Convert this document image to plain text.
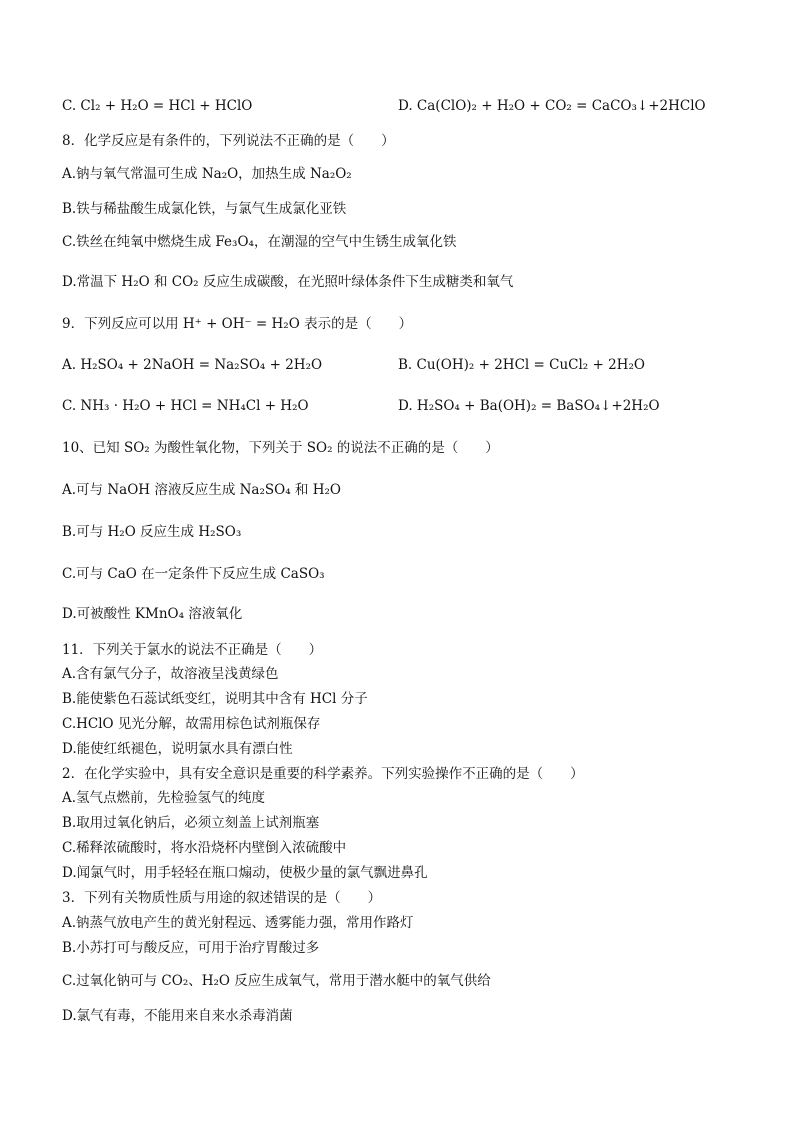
C. Cl₂ + H₂O = HCl + HClO	D. Ca(ClO)₂ + H₂O + CO₂ = CaCO₃↓+2HClO
8．化学反应是有条件的，下列说法不正确的是（　　）
A.钠与氧气常温可生成 Na₂O，加热生成 Na₂O₂
B.铁与稀盐酸生成氯化铁，与氯气生成氯化亚铁
C.铁丝在纯氧中燃烧生成 Fe₃O₄，在潮湿的空气中生锈生成氧化铁
D.常温下 H₂O 和 CO₂ 反应生成碳酸，在光照叶绿体条件下生成糖类和氧气
9．下列反应可以用 H⁺ + OH⁻ = H₂O 表示的是（　　）
A. H₂SO₄ + 2NaOH = Na₂SO₄ + 2H₂O	B. Cu(OH)₂ + 2HCl = CuCl₂ + 2H₂O
C. NH₃ · H₂O + HCl = NH₄Cl + H₂O	D. H₂SO₄ + Ba(OH)₂ = BaSO₄↓+2H₂O
10、已知 SO₂ 为酸性氧化物，下列关于 SO₂ 的说法不正确的是（　　）
A.可与 NaOH 溶液反应生成 Na₂SO₄ 和 H₂O
B.可与 H₂O 反应生成 H₂SO₃
C.可与 CaO 在一定条件下反应生成 CaSO₃
D.可被酸性 KMnO₄ 溶液氧化
11．下列关于氯水的说法不正确是（　　）
A.含有氯气分子，故溶液呈浅黄绿色
B.能使紫色石蕊试纸变红，说明其中含有 HCl 分子
C.HClO 见光分解，故需用棕色试剂瓶保存
D.能使红纸褪色，说明氯水具有漂白性
2．在化学实验中，具有安全意识是重要的科学素养。下列实验操作不正确的是（　　）
A.氢气点燃前，先检验氢气的纯度
B.取用过氧化钠后，必须立刻盖上试剂瓶塞
C.稀释浓硫酸时，将水沿烧杯内壁倒入浓硫酸中
D.闻氯气时，用手轻轻在瓶口煽动，使极少量的氯气飘进鼻孔
3．下列有关物质性质与用途的叙述错误的是（　　）
A.钠蒸气放电产生的黄光射程远、透雾能力强，常用作路灯
B.小苏打可与酸反应，可用于治疗胃酸过多
C.过氧化钠可与 CO₂、H₂O 反应生成氧气，常用于潜水艇中的氧气供给
D.氯气有毒，不能用来自来水杀毒消菌
